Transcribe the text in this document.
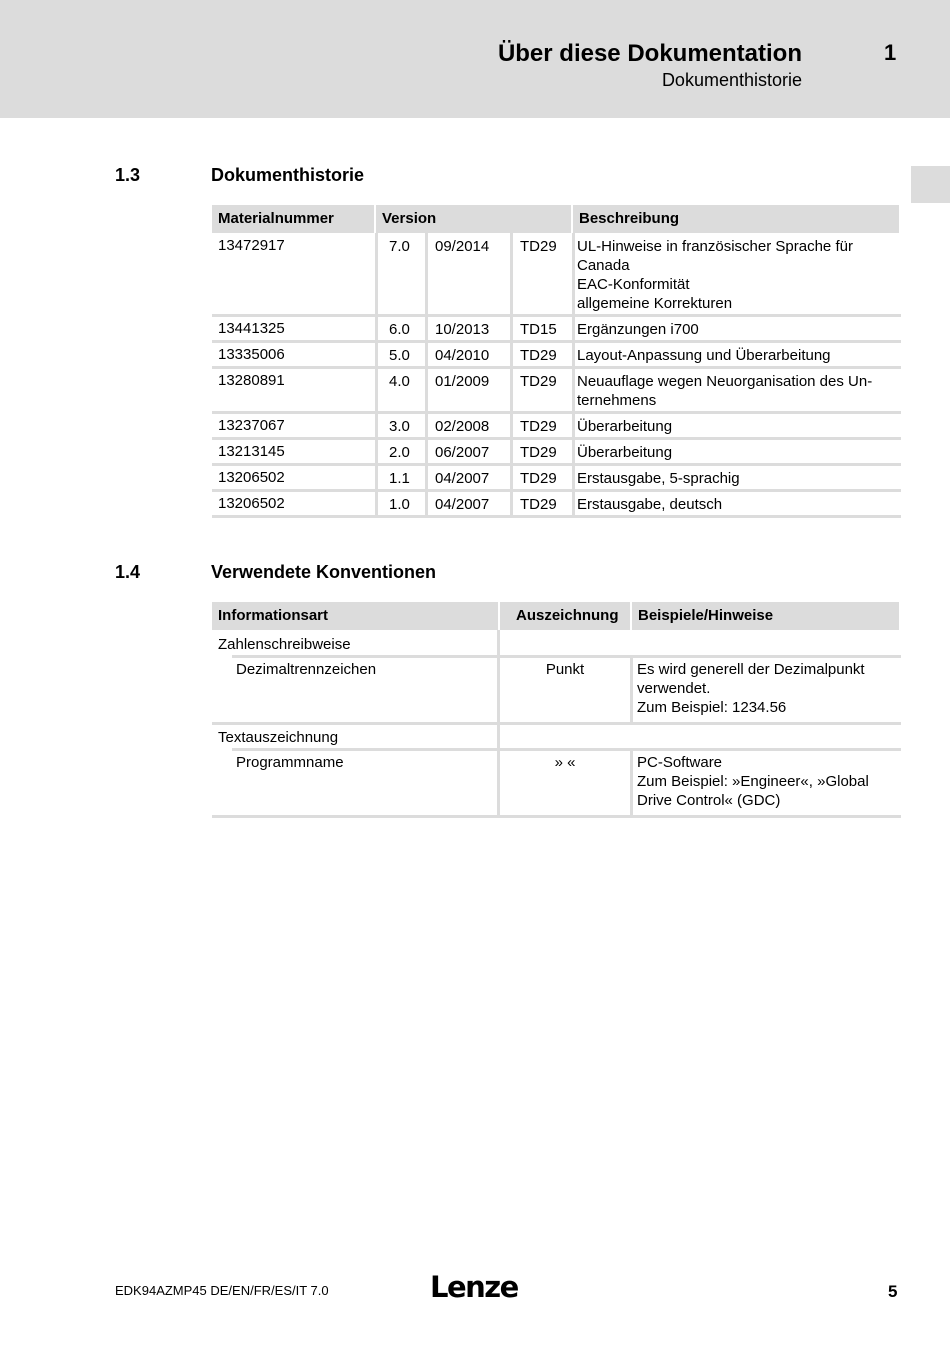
Über diese Dokumentation
Dokumenthistorie
1
1.3	Dokumenthistorie
Materialnummer	Version	Beschreibung
13472917	7.0 09/2014 TD29 UL-Hinweise in französischer Sprache für
Canada
EAC-Konformität
allgemeine Korrekturen
13441325	6.0 10/2013 TD15 Ergänzungen i700
13335006	5.0 04/2010 TD29 Layout-Anpassung und Überarbeitung
13280891	4.0 01/2009 TD29 Neuauflage wegen Neuorganisation des Un-
ternehmens
13237067	3.0 02/2008 TD29 Überarbeitung
13213145	2.0 06/2007 TD29 Überarbeitung
13206502	1.1 04/2007 TD29 Erstausgabe, 5-sprachig
13206502	1.0 04/2007 TD29 Erstausgabe, deutsch
1.4	Verwendete Konventionen
Informationsart	Auszeichnung	Beispiele/Hinweise
Zahlenschreibweise
Dezimaltrennzeichen	Punkt	Es wird generell der Dezimalpunkt
verwendet.
Zum Beispiel: 1234.56
Textauszeichnung
Programmname	» «	PC-Software
Zum Beispiel: »Engineer«, »Global
Drive Control« (GDC)
EDK94AZMP45 DE/EN/FR/ES/IT 7.0	Lenze	5
